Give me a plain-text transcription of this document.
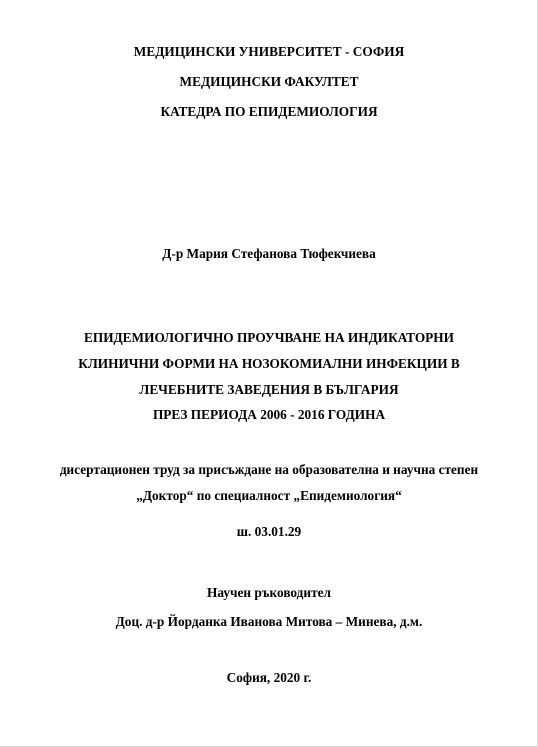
МЕДИЦИНСКИ УНИВЕРСИТЕТ - СОФИЯ
МЕДИЦИНСКИ ФАКУЛТЕТ
КАТЕДРА ПО ЕПИДЕМИОЛОГИЯ
Д-р Мария Стефанова Тюфекчиева
ЕПИДЕМИОЛОГИЧНО ПРОУЧВАНЕ НА ИНДИКАТОРНИ
КЛИНИЧНИ ФОРМИ НА НОЗОКОМИАЛНИ ИНФЕКЦИИ В
ЛЕЧЕБНИТЕ ЗАВЕДЕНИЯ В БЪЛГАРИЯ
ПРЕЗ ПЕРИОДА 2006 - 2016 ГОДИНА
дисертационен труд за присъждане на образователна и научна степен
„Доктор“ по специалност „Епидемиология“
ш. 03.01.29
Научен ръководител
Доц. д-р Йорданка Иванова Митова – Минева, д.м.
София, 2020 г.
